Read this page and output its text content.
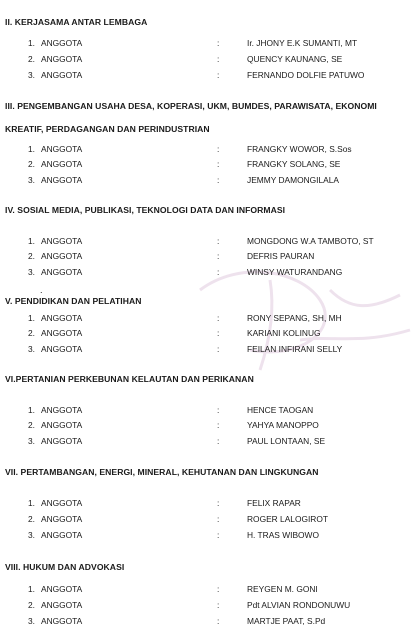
II. KERJASAMA ANTAR LEMBAGA
1. ANGGOTA	:	Ir. JHONY E.K SUMANTI, MT
2. ANGGOTA	:	QUENCY KAUNANG, SE
3. ANGGOTA	:	FERNANDO DOLFIE PATUWO
III. PENGEMBANGAN USAHA DESA, KOPERASI, UKM, BUMDES, PARAWISATA, EKONOMI
KREATIF, PERDAGANGAN DAN PERINDUSTRIAN
1. ANGGOTA	:	FRANGKY WOWOR, S.Sos
2. ANGGOTA	:	FRANGKY SOLANG, SE
3. ANGGOTA	:	JEMMY DAMONGILALA
IV. SOSIAL MEDIA, PUBLIKASI, TEKNOLOGI DATA DAN INFORMASI
1. ANGGOTA	:	MONGDONG W.A TAMBOTO, ST
2. ANGGOTA	:	DEFRIS PAURAN
3. ANGGOTA	:	WINSY WATURANDANG
.
V. PENDIDIKAN DAN PELATIHAN
1. ANGGOTA	:	RONY SEPANG, SH, MH
2. ANGGOTA	:	KARIANI KOLINUG
3. ANGGOTA	:	FEILAN INFIRANI SELLY
VI.PERTANIAN PERKEBUNAN KELAUTAN DAN PERIKANAN
1. ANGGOTA	:	HENCE TAOGAN
2. ANGGOTA	:	YAHYA MANOPPO
3. ANGGOTA	:	PAUL LONTAAN, SE
VII. PERTAMBANGAN, ENERGI, MINERAL, KEHUTANAN DAN LINGKUNGAN
1. ANGGOTA	:	FELIX RAPAR
2. ANGGOTA	:	ROGER LALOGIROT
3. ANGGOTA	:	H. TRAS WIBOWO
VIII. HUKUM DAN ADVOKASI
1. ANGGOTA	:	REYGEN M. GONI
2. ANGGOTA	:	Pdt ALVIAN RONDONUWU
3. ANGGOTA	:	MARTJE PAAT, S.Pd
